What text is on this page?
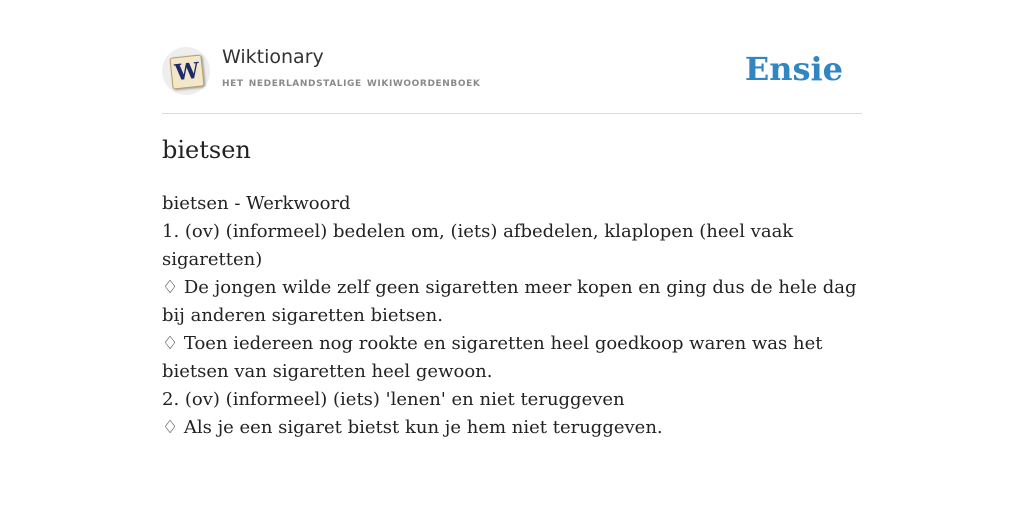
W
Wiktionary
het nederlandstalige wikiwoordenboek	Ensie
bietsen
bietsen - Werkwoord
1. (ov) (informeel) bedelen om, (iets) afbedelen, klaplopen (heel vaak sigaretten)
♢ De jongen wilde zelf geen sigaretten meer kopen en ging dus de hele dag bij anderen sigaretten bietsen.
♢ Toen iedereen nog rookte en sigaretten heel goedkoop waren was het bietsen van sigaretten heel gewoon.
2. (ov) (informeel) (iets) 'lenen' en niet teruggeven
♢ Als je een sigaret bietst kun je hem niet teruggeven.
